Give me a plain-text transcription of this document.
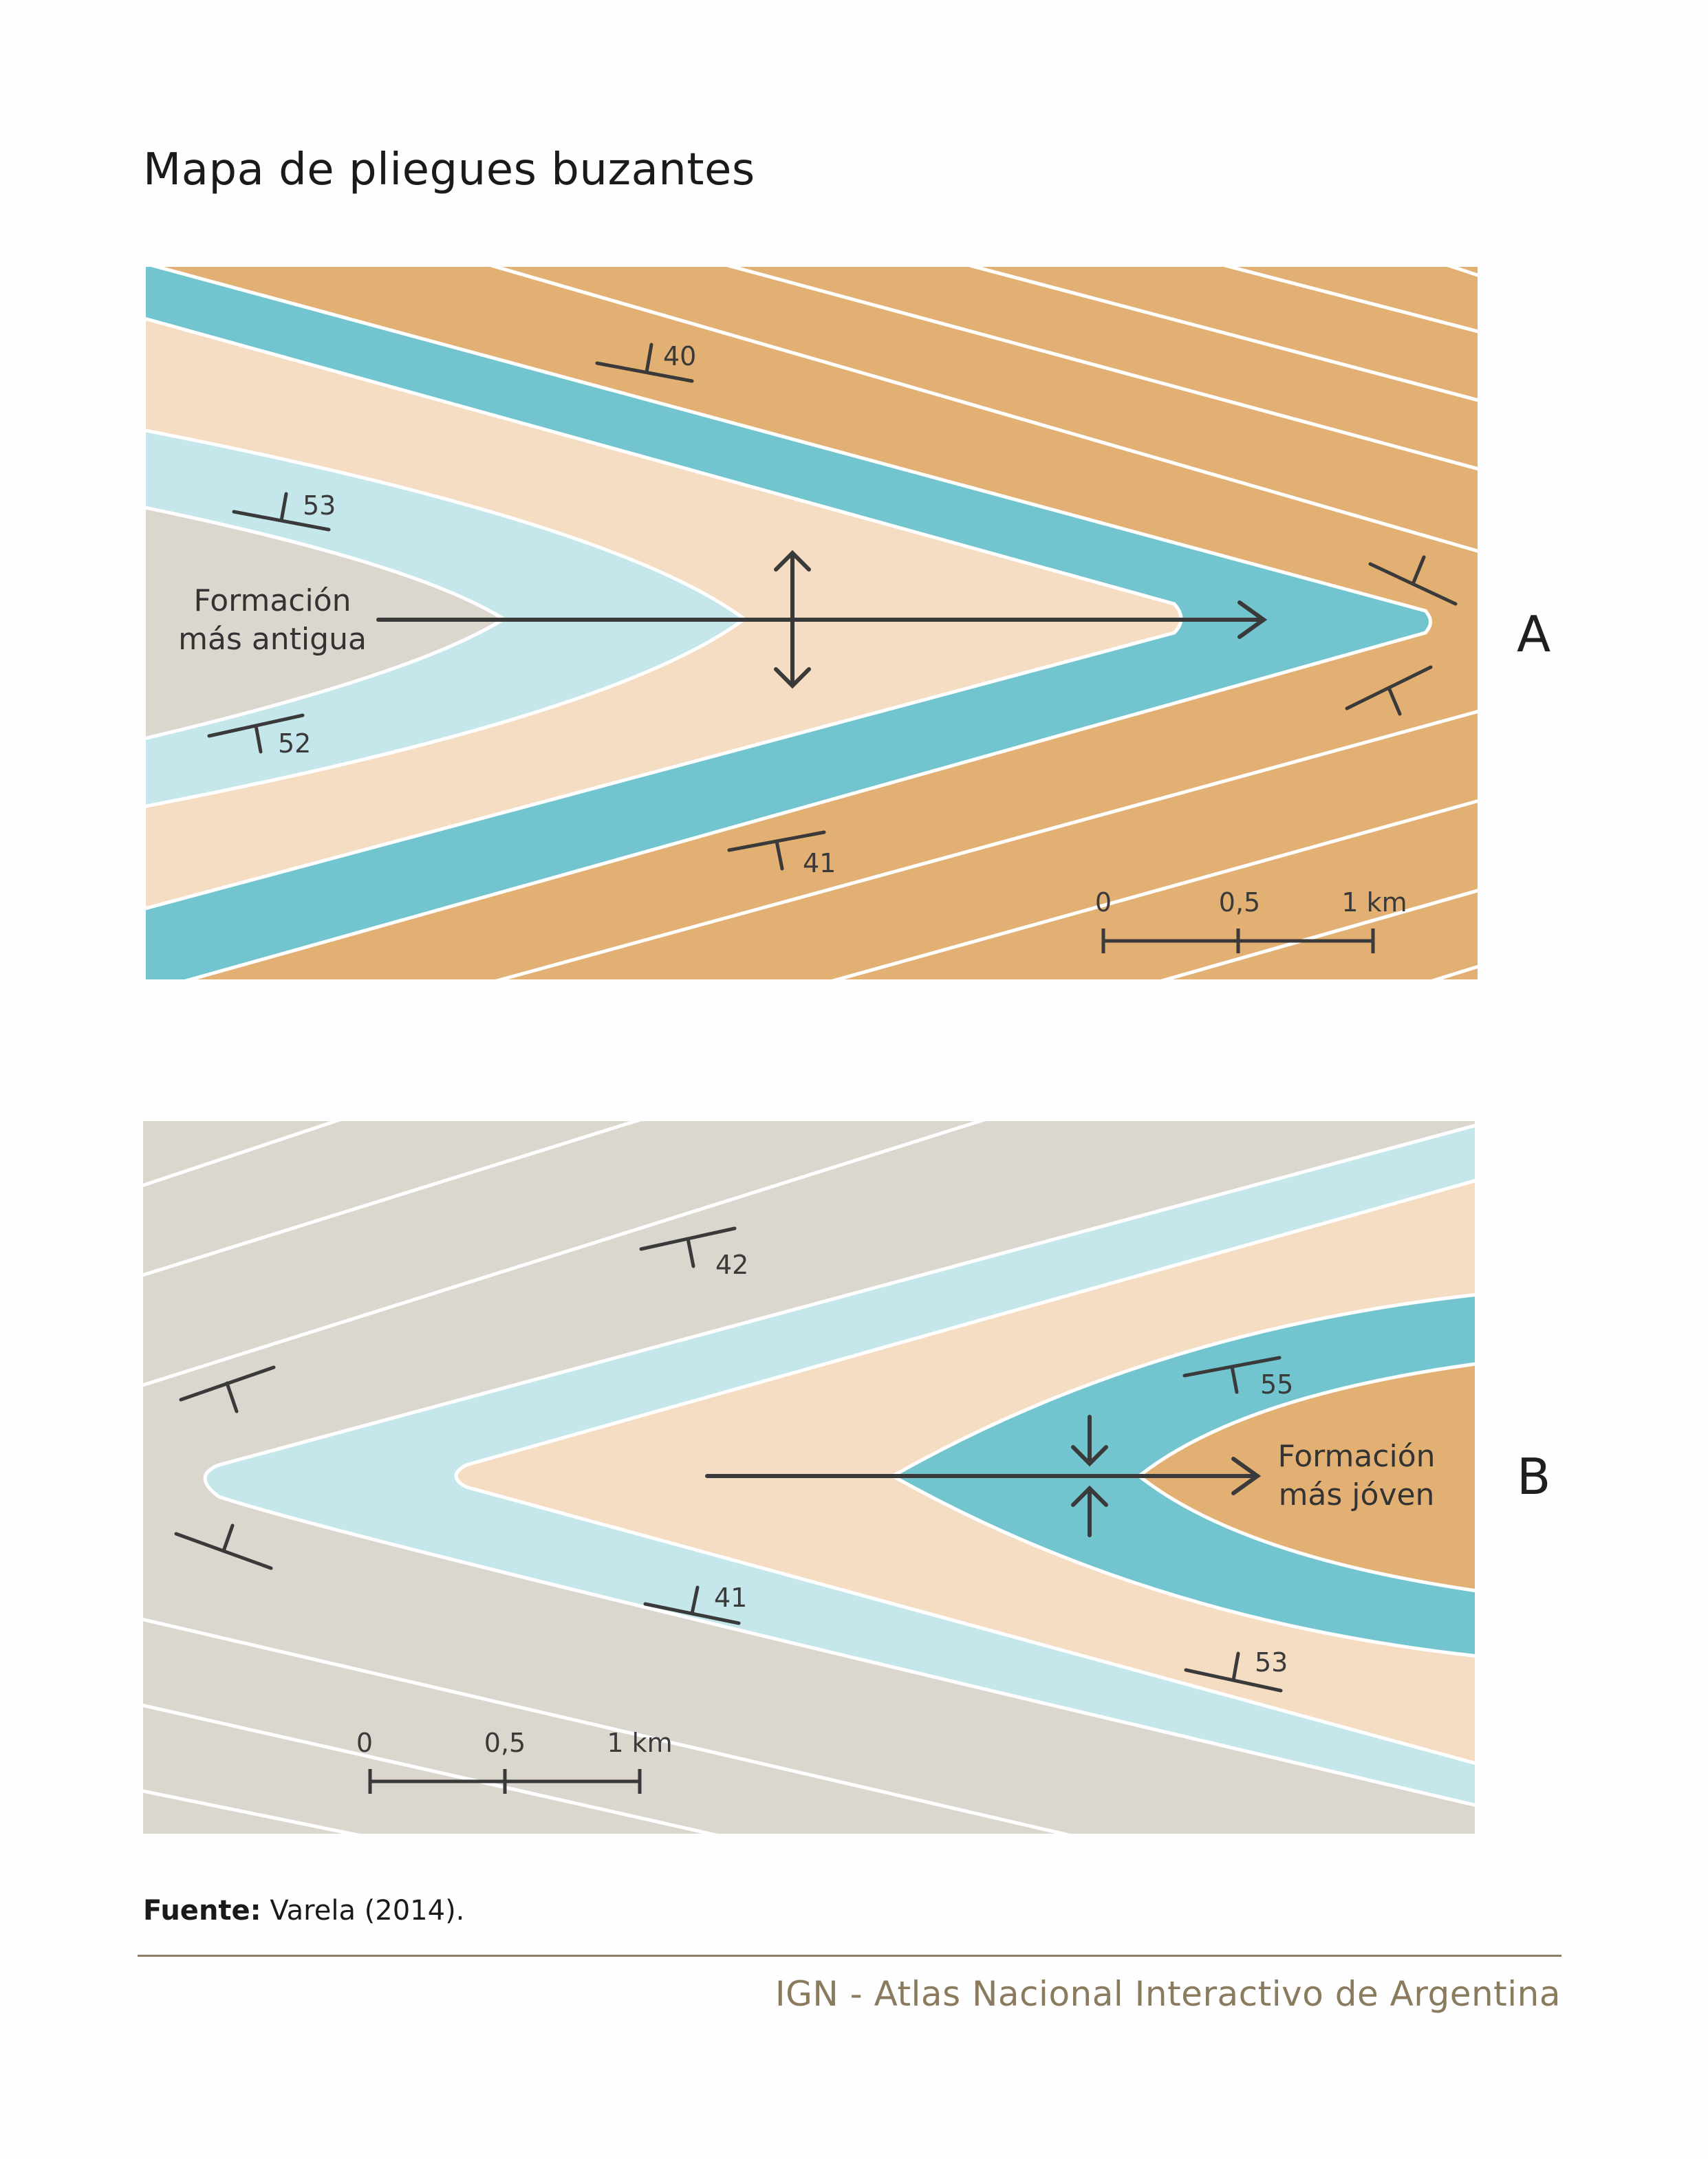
Mapa de pliegues buzantes
40
53
52
41
Formación
más antigua
0	0,5	1 km
A
42
55
41
53
Formación
más jóven
0	0,5	1 km
B
Fuente: Varela (2014).
IGN - Atlas Nacional Interactivo de Argentina
